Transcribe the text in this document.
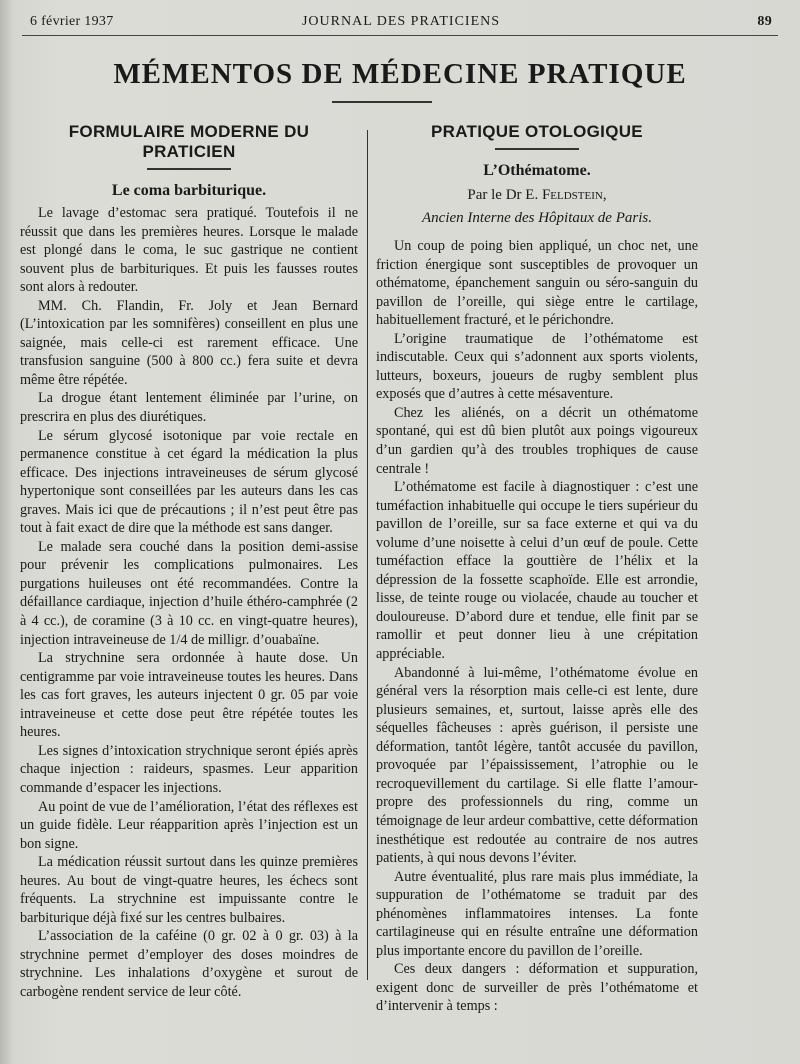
6 février 1937	JOURNAL DES PRATICIENS	89
MÉMENTOS DE MÉDECINE PRATIQUE
FORMULAIRE MODERNE DU PRATICIEN
Le coma barbiturique.

Le lavage d’estomac sera pratiqué. Toutefois il ne réussit que dans les premières heures. Lorsque le malade est plongé dans le coma, le suc gastrique ne contient souvent plus de barbituriques. Et puis les fausses routes sont alors à redouter.

MM. Ch. Flandin, Fr. Joly et Jean Bernard (L’intoxication par les somnifères) conseillent en plus une saignée, mais celle-ci est rarement efficace. Une transfusion sanguine (500 à 800 cc.) fera suite et devra même être répétée.

La drogue étant lentement éliminée par l’urine, on prescrira en plus des diurétiques.

Le sérum glycosé isotonique par voie rectale en permanence constitue à cet égard la médication la plus efficace. Des injections intraveineuses de sérum glycosé hypertonique sont conseillées par les auteurs dans les cas graves. Mais ici que de précautions ; il n’est peut être pas tout à fait exact de dire que la méthode est sans danger.

Le malade sera couché dans la position demi-assise pour prévenir les complications pulmonaires. Les purgations huileuses ont été recommandées. Contre la défaillance cardiaque, injection d’huile éthéro-camphrée (2 à 4 cc.), de coramine (3 à 10 cc. en vingt-quatre heures), injection intraveineuse de 1/4 de milligr. d’ouabaïne.

La strychnine sera ordonnée à haute dose. Un centigramme par voie intraveineuse toutes les heures. Dans les cas fort graves, les auteurs injectent 0 gr. 05 par voie intraveineuse et cette dose peut être répétée toutes les heures.

Les signes d’intoxication strychnique seront épiés après chaque injection : raideurs, spasmes. Leur apparition commande d’espacer les injections.

Au point de vue de l’amélioration, l’état des réflexes est un guide fidèle. Leur réapparition après l’injection est un bon signe.

La médication réussit surtout dans les quinze premières heures. Au bout de vingt-quatre heures, les échecs sont fréquents. La strychnine est impuissante contre le barbiturique déjà fixé sur les centres bulbaires.

L’association de la caféine (0 gr. 02 à 0 gr. 03) à la strychnine permet d’employer des doses moindres de strychnine. Les inhalations d’oxygène et surout de carbogène rendent service de leur côté.

PRATIQUE OTOLOGIQUE
L’Othématome.

Par le Dr E. Feldstein,

Ancien Interne des Hôpitaux de Paris.

Un coup de poing bien appliqué, un choc net, une friction énergique sont susceptibles de provoquer un othématome, épanchement sanguin ou séro-sanguin du pavillon de l’oreille, qui siège entre le cartilage, habituellement fracturé, et le périchondre.

L’origine traumatique de l’othématome est indiscutable. Ceux qui s’adonnent aux sports violents, lutteurs, boxeurs, joueurs de rugby semblent plus exposés que d’autres à cette mésaventure.

Chez les aliénés, on a décrit un othématome spontané, qui est dû bien plutôt aux poings vigoureux d’un gardien qu’à des troubles trophiques de cause centrale !

L’othématome est facile à diagnostiquer : c’est une tuméfaction inhabituelle qui occupe le tiers supérieur du pavillon de l’oreille, sur sa face externe et qui va du volume d’une noisette à celui d’un œuf de poule. Cette tuméfaction efface la gouttière de l’hélix et la dépression de la fossette scaphoïde. Elle est arrondie, lisse, de teinte rouge ou violacée, chaude au toucher et douloureuse. D’abord dure et tendue, elle finit par se ramollir et peut donner lieu à une crépitation appréciable.

Abandonné à lui-même, l’othématome évolue en général vers la résorption mais celle-ci est lente, dure plusieurs semaines, et, surtout, laisse après elle des séquelles fâcheuses : après guérison, il persiste une déformation, tantôt légère, tantôt accusée du pavillon, provoquée par l’épaississement, l’atrophie ou le recroquevillement du cartilage. Si elle flatte l’amour-propre des professionnels du ring, comme un témoignage de leur ardeur combattive, cette déformation inesthétique est redoutée au contraire de nos autres patients, à qui nous devons l’éviter.

Autre éventualité, plus rare mais plus immédiate, la suppuration de l’othématome se traduit par des phénomènes inflammatoires intenses. La fonte cartilagineuse qui en résulte entraîne une déformation plus importante encore du pavillon de l’oreille.

Ces deux dangers : déformation et suppuration, exigent donc de surveiller de près l’othématome et d’intervenir à temps :
